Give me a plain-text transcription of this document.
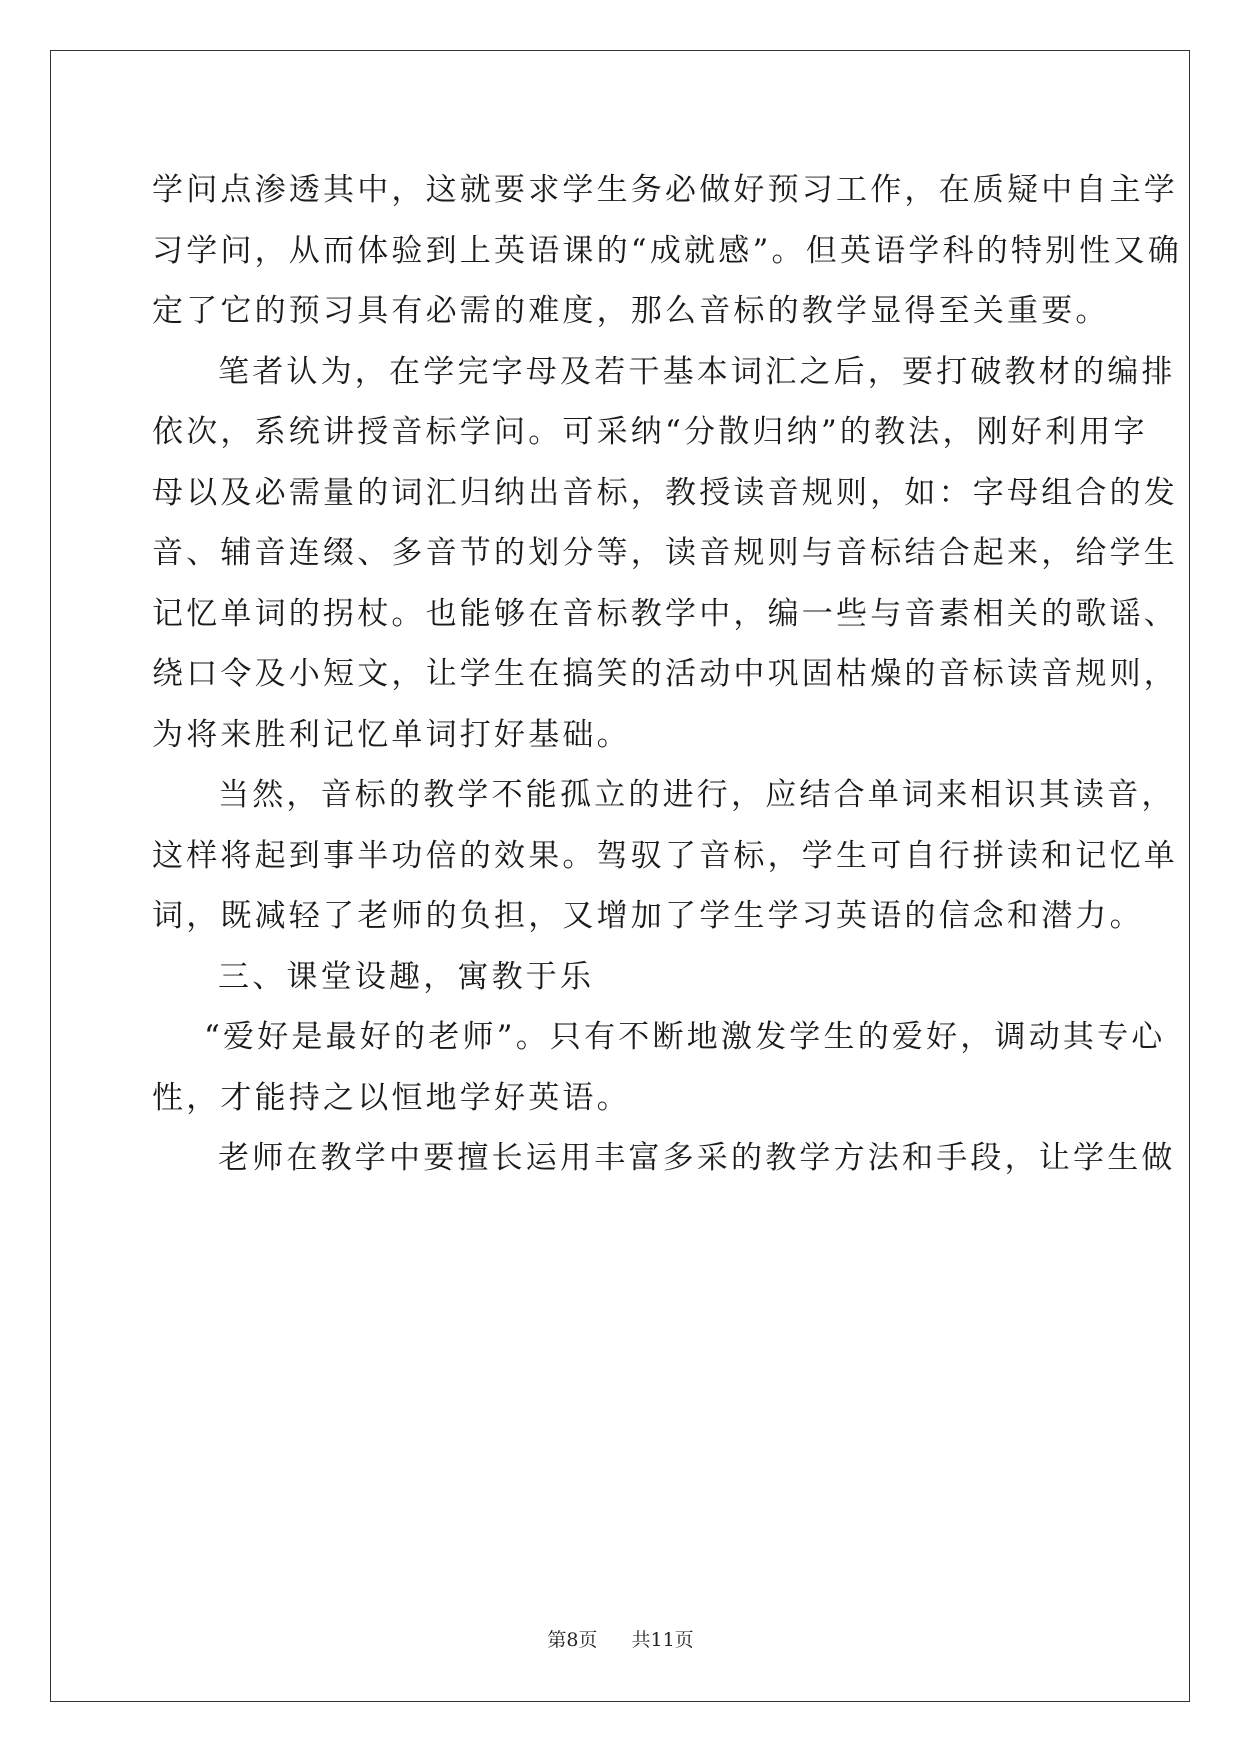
学问点渗透其中，这就要求学生务必做好预习工作，在质疑中自主学
习学问，从而体验到上英语课的“成就感”。但英语学科的特别性又确
定了它的预习具有必需的难度，那么音标的教学显得至关重要。
笔者认为，在学完字母及若干基本词汇之后，要打破教材的编排
依次，系统讲授音标学问。可采纳“分散归纳”的教法，刚好利用字
母以及必需量的词汇归纳出音标，教授读音规则，如：字母组合的发
音、辅音连缀、多音节的划分等，读音规则与音标结合起来，给学生
记忆单词的拐杖。也能够在音标教学中，编一些与音素相关的歌谣、
绕口令及小短文，让学生在搞笑的活动中巩固枯燥的音标读音规则，
为将来胜利记忆单词打好基础。
当然，音标的教学不能孤立的进行，应结合单词来相识其读音，
这样将起到事半功倍的效果。驾驭了音标，学生可自行拼读和记忆单
词，既减轻了老师的负担，又增加了学生学习英语的信念和潜力。
三、课堂设趣，寓教于乐
“爱好是最好的老师”。只有不断地激发学生的爱好，调动其专心
性，才能持之以恒地学好英语。
老师在教学中要擅长运用丰富多采的教学方法和手段，让学生做
第8页 共11页
